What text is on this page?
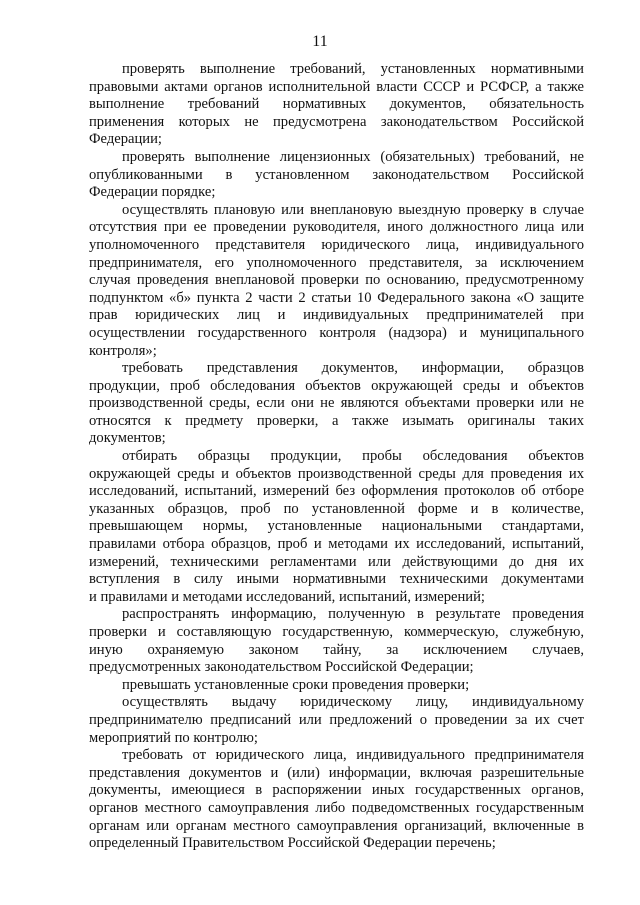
11
проверять выполнение требований, установленных нормативными
правовыми актами органов исполнительной власти СССР и РСФСР, а также
выполнение требований нормативных документов, обязательность
применения которых не предусмотрена законодательством Российской
Федерации;
проверять выполнение лицензионных (обязательных) требований, не
опубликованными в установленном законодательством Российской
Федерации порядке;
осуществлять плановую или внеплановую выездную проверку в случае
отсутствия при ее проведении руководителя, иного должностного лица или
уполномоченного представителя юридического лица, индивидуального
предпринимателя, его уполномоченного представителя, за исключением
случая проведения внеплановой проверки по основанию, предусмотренному
подпунктом «б» пункта 2 части 2 статьи 10 Федерального закона «О защите
прав юридических лиц и индивидуальных предпринимателей при
осуществлении государственного контроля (надзора) и муниципального
контроля»;
требовать представления документов, информации, образцов
продукции, проб обследования объектов окружающей среды и объектов
производственной среды, если они не являются объектами проверки или не
относятся к предмету проверки, а также изымать оригиналы таких
документов;
отбирать образцы продукции, пробы обследования объектов
окружающей среды и объектов производственной среды для проведения их
исследований, испытаний, измерений без оформления протоколов об отборе
указанных образцов, проб по установленной форме и в количестве,
превышающем нормы, установленные национальными стандартами,
правилами отбора образцов, проб и методами их исследований, испытаний,
измерений, техническими регламентами или действующими до дня их
вступления в силу иными нормативными техническими документами
и правилами и методами исследований, испытаний, измерений;
распространять информацию, полученную в результате проведения
проверки и составляющую государственную, коммерческую, служебную,
иную охраняемую законом тайну, за исключением случаев,
предусмотренных законодательством Российской Федерации;
превышать установленные сроки проведения проверки;
осуществлять выдачу юридическому лицу, индивидуальному
предпринимателю предписаний или предложений о проведении за их счет
мероприятий по контролю;
требовать от юридического лица, индивидуального предпринимателя
представления документов и (или) информации, включая разрешительные
документы, имеющиеся в распоряжении иных государственных органов,
органов местного самоуправления либо подведомственных государственным
органам или органам местного самоуправления организаций, включенные в
определенный Правительством Российской Федерации перечень;
